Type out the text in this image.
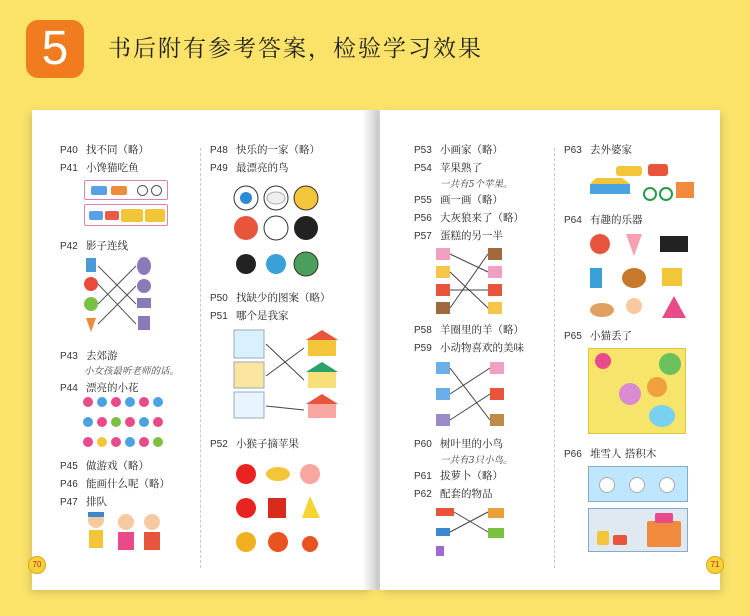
5	书后附有参考答案，检验学习效果
P40 找不同（略）
P41 小馋猫吃鱼
P42 影子连线
P43 去郊游
小女孩最听老师的话。
P44 漂亮的小花
P45 做游戏（略）
P46 能画什么呢（略）
P47 排队
P48 快乐的一家（略）
P49 最漂亮的鸟
P50 找缺少的图案（略）
P51 哪个是我家
P52 小猴子摘苹果
70
P53 小画家（略）
P54 苹果熟了
一共有5个苹果。
P55 画一画（略）
P56 大灰狼来了（略）
P57 蛋糕的另一半
P58 羊圈里的羊（略）
P59 小动物喜欢的美味
P60 树叶里的小鸟
一共有3只小鸟。
P61 拔萝卜（略）
P62 配套的物品
P63 去外婆家
P64 有趣的乐器
P65 小猫丢了
P66 堆雪人 搭积木
71
